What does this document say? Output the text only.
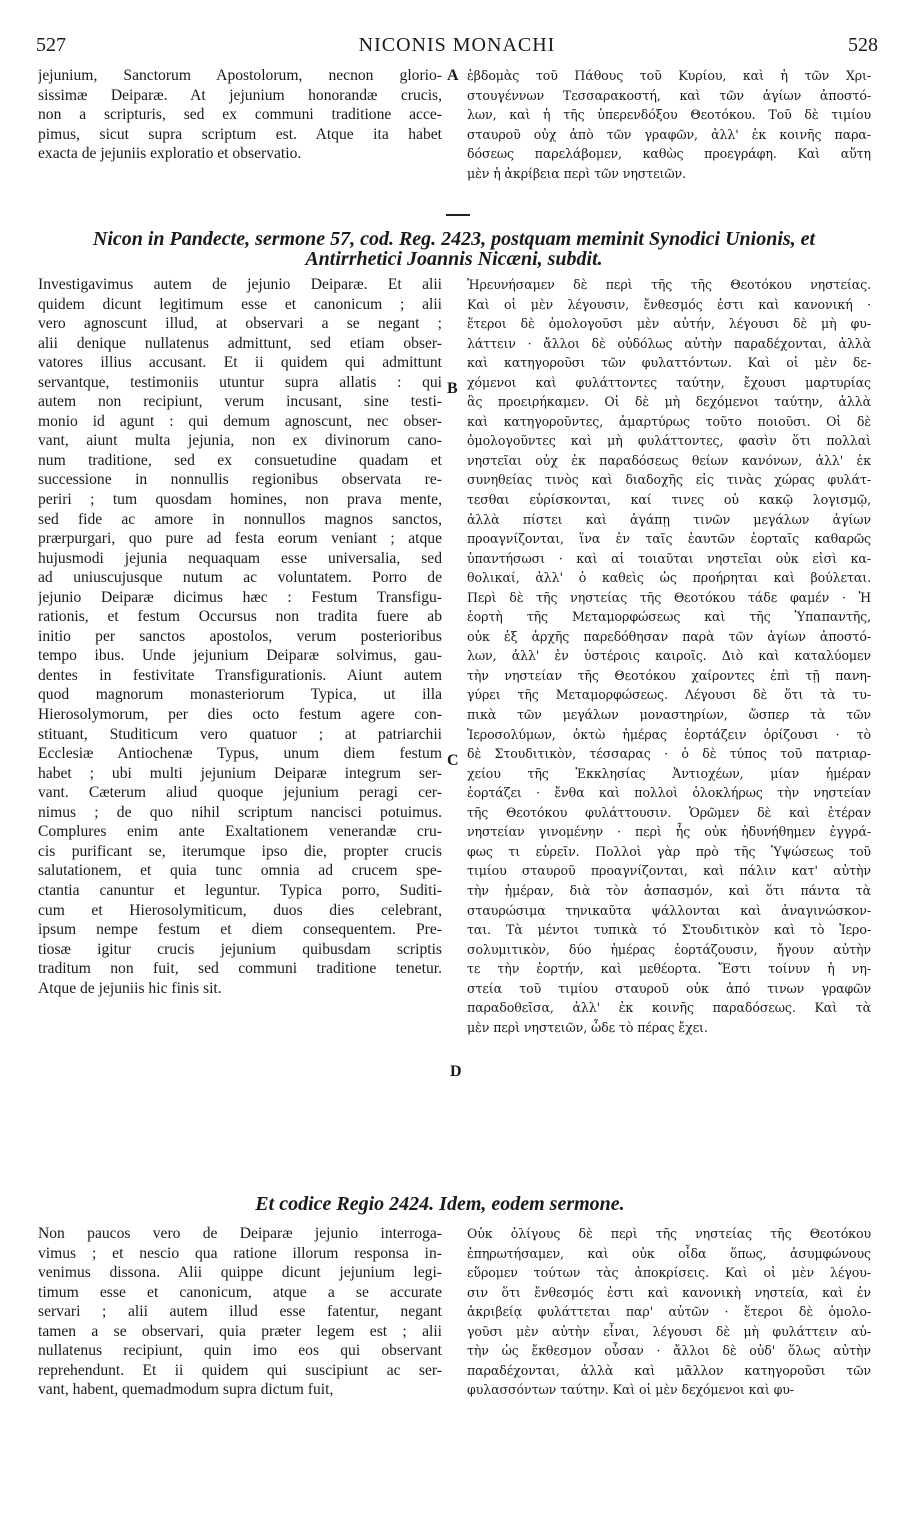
527	NICONIS MONACHI	528
jejunium, Sanctorum Apostolorum, necnon glorio-
sissimæ Deiparæ. At jejunium honorandæ crucis,
non a scripturis, sed ex communi traditione acce-
pimus, sicut supra scriptum est. Atque ita habet
exacta de jejuniis exploratio et observatio.
A ἑβδομὰς τοῦ Πάθους τοῦ Κυρίου, καὶ ἡ τῶν Χρι-
στουγέννων Τεσσαρακοστή, καὶ τῶν ἁγίων ἀποστό-
λων, καὶ ἡ τῆς ὑπερενδόξου Θεοτόκου. Τοῦ δὲ τιμίου
σταυροῦ οὐχ ἀπὸ τῶν γραφῶν, ἀλλ' ἐκ κοινῆς παρα-
δόσεως παρελάβομεν, καθὼς προεγράφη. Καὶ αὕτη
μὲν ἡ ἀκρίβεια περὶ τῶν νηστειῶν.
Nicon in Pandecte, sermone 57, cod. Reg. 2423, postquam meminit Synodici Unionis, et
Antirrhetici Joannis Nicæni, subdit.
Investigavimus autem de jejunio Deiparæ. Et alii
quidem dicunt legitimum esse et canonicum ; alii
vero agnoscunt illud, at observari a se negant ;
alii denique nullatenus admittunt, sed etiam obser-
vatores illius accusant. Et ii quidem qui admittunt
servantque, testimoniis utuntur supra allatis : qui
autem non recipiunt, verum incusant, sine testi-
monio id agunt : qui demum agnoscunt, nec obser-
vant, aiunt multa jejunia, non ex divinorum cano-
num traditione, sed ex consuetudine quadam et
successione in nonnullis regionibus observata re-
periri ; tum quosdam homines, non prava mente,
sed fide ac amore in nonnullos magnos sanctos,
prærpurgari, quo pure ad festa eorum veniant ; atque
hujusmodi jejunia nequaquam esse universalia, sed
ad uniuscujusque nutum ac voluntatem. Porro de
jejunio Deiparæ dicimus hæc : Festum Transfigu-
rationis, et festum Occursus non tradita fuere ab
initio per sanctos apostolos, verum posterioribus
tempo ibus. Unde jejunium Deiparæ solvimus, gau-
dentes in festivitate Transfigurationis. Aiunt autem
quod magnorum monasteriorum Typica, ut illa
Hierosolymorum, per dies octo festum agere con-
stituant, Studiticum vero quatuor ; at patriarchii
Ecclesiæ Antiochenæ Typus, unum diem festum
habet ; ubi multi jejunium Deiparæ integrum ser-
vant. Cæterum aliud quoque jejunium peragi cer-
nimus ; de quo nihil scriptum nancisci potuimus.
Complures enim ante Exaltationem venerandæ cru-
cis purificant se, iterumque ipso die, propter crucis
salutationem, et quia tunc omnia ad crucem spe-
ctantia canuntur et leguntur. Typica porro, Suditi-
cum et Hierosolymiticum, duos dies celebrant,
ipsum nempe festum et diem consequentem. Pre-
tiosæ igitur crucis jejunium quibusdam scriptis
traditum non fuit, sed communi traditione tenetur.
Atque de jejuniis hic finis sit.
B
C
D
Ἠρευνήσαμεν δὲ περὶ τῆς τῆς Θεοτόκου νηστείας.
Καὶ οἱ μὲν λέγουσιν, ἔνθεσμός ἐστι καὶ κανονική ·
ἕτεροι δὲ ὁμολογοῦσι μὲν αὐτήν, λέγουσι δὲ μὴ φυ-
λάττειν · ἄλλοι δὲ οὐδόλως αὐτὴν παραδέχονται, ἀλλὰ
καὶ κατηγοροῦσι τῶν φυλαττόντων. Καὶ οἱ μὲν δε-
χόμενοι καὶ φυλάττοντες ταύτην, ἔχουσι μαρτυρίας
ἃς προειρήκαμεν. Οἱ δὲ μὴ δεχόμενοι ταύτην, ἀλλὰ
καὶ κατηγοροῦντες, ἀμαρτύρως τοῦτο ποιοῦσι. Οἱ δὲ
ὁμολογοῦντες καὶ μὴ φυλάττοντες, φασὶν ὅτι πολλαὶ
νηστεῖαι οὐχ ἐκ παραδόσεως θείων κανόνων, ἀλλ' ἐκ
συνηθείας τινὸς καὶ διαδοχῆς εἰς τινὰς χώρας φυλάτ-
τεσθαι εὑρίσκονται, καί τινες οὐ κακῷ λογισμῷ,
ἀλλὰ πίστει καὶ ἀγάπῃ τινῶν μεγάλων ἁγίων
προαγνίζονται, ἵνα ἐν ταῖς ἑαυτῶν ἑορταῖς καθαρῶς
ὑπαντήσωσι · καὶ αἱ τοιαῦται νηστεῖαι οὐκ εἰσὶ κα-
θολικαί, ἀλλ' ὁ καθεὶς ὡς προήρηται καὶ βούλεται.
Περὶ δὲ τῆς νηστείας τῆς Θεοτόκου τάδε φαμέν · Ἡ
ἑορτὴ τῆς Μεταμορφώσεως καὶ τῆς Ὑπαπαντῆς,
οὐκ ἐξ ἀρχῆς παρεδόθησαν παρὰ τῶν ἁγίων ἀποστό-
λων, ἀλλ' ἐν ὑστέροις καιροῖς. Διὸ καὶ καταλύομεν
τὴν νηστείαν τῆς Θεοτόκου χαίροντες ἐπὶ τῇ πανη-
γύρει τῆς Μεταμορφώσεως. Λέγουσι δὲ ὅτι τὰ τυ-
πικὰ τῶν μεγάλων μοναστηρίων, ὥσπερ τὰ τῶν
Ἱεροσολύμων, ὀκτὼ ἡμέρας ἑορτάζειν ὁρίζουσι · τὸ
δὲ Στουδιτικὸν, τέσσαρας · ὁ δὲ τύπος τοῦ πατριαρ-
χείου τῆς Ἐκκλησίας Ἀντιοχέων, μίαν ἡμέραν
ἑορτάζει · ἔνθα καὶ πολλοὶ ὁλοκλήρως τὴν νηστείαν
τῆς Θεοτόκου φυλάττουσιν. Ὁρῶμεν δὲ καὶ ἑτέραν
νηστείαν γινομένην · περὶ ἧς οὐκ ἠδυνήθημεν ἐγγρά-
φως τι εὑρεῖν. Πολλοὶ γὰρ πρὸ τῆς Ὑψώσεως τοῦ
τιμίου σταυροῦ προαγνίζονται, καὶ πάλιν κατ' αὐτὴν
τὴν ἡμέραν, διὰ τὸν ἀσπασμόν, καὶ ὅτι πάντα τὰ
σταυρώσιμα τηνικαῦτα ψάλλονται καὶ ἀναγινώσκον-
ται. Τὰ μέντοι τυπικὰ τό Στουδιτικὸν καὶ τὸ Ἱερο-
σολυμιτικὸν, δύο ἡμέρας ἑορτάζουσιν, ἤγουν αὐτὴν
τε τὴν ἑορτήν, καὶ μεθέορτα. Ἔστι τοίνυν ἡ νη-
στεία τοῦ τιμίου σταυροῦ οὐκ ἀπό τινων γραφῶν
παραδοθεῖσα, ἀλλ' ἐκ κοινῆς παραδόσεως. Καὶ τὰ
μὲν περὶ νηστειῶν, ὧδε τὸ πέρας ἔχει.
Et codice Regio 2424. Idem, eodem sermone.
Non paucos vero de Deiparæ jejunio interroga-
vimus ; et nescio qua ratione illorum responsa in-
venimus dissona. Alii quippe dicunt jejunium legi-
timum esse et canonicum, atque a se accurate
servari ; alii autem illud esse fatentur, negant
tamen a se observari, quia præter legem est ; alii
nullatenus recipiunt, quin imo eos qui observant
reprehendunt. Et ii quidem qui suscipiunt ac ser-
vant, habent, quemadmodum supra dictum fuit,
Οὐκ ὀλίγους δὲ περὶ τῆς νηστείας τῆς Θεοτόκου
ἐπηρωτήσαμεν, καὶ οὐκ οἶδα ὅπως, ἀσυμφώνους
εὕρομεν τούτων τὰς ἀποκρίσεις. Καὶ οἱ μὲν λέγου-
σιν ὅτι ἔνθεσμός ἐστι καὶ κανονικὴ νηστεία, καὶ ἐν
ἀκριβείᾳ φυλάττεται παρ' αὐτῶν · ἕτεροι δὲ ὁμολο-
γοῦσι μὲν αὐτὴν εἶναι, λέγουσι δὲ μὴ φυλάττειν αὐ-
τὴν ὡς ἔκθεσμον οὖσαν · ἄλλοι δὲ οὐδ' ὅλως αὐτὴν
παραδέχονται, ἀλλὰ καὶ μᾶλλον κατηγοροῦσι τῶν
φυλασσόντων ταύτην. Καὶ οἱ μὲν δεχόμενοι καὶ φυ-
